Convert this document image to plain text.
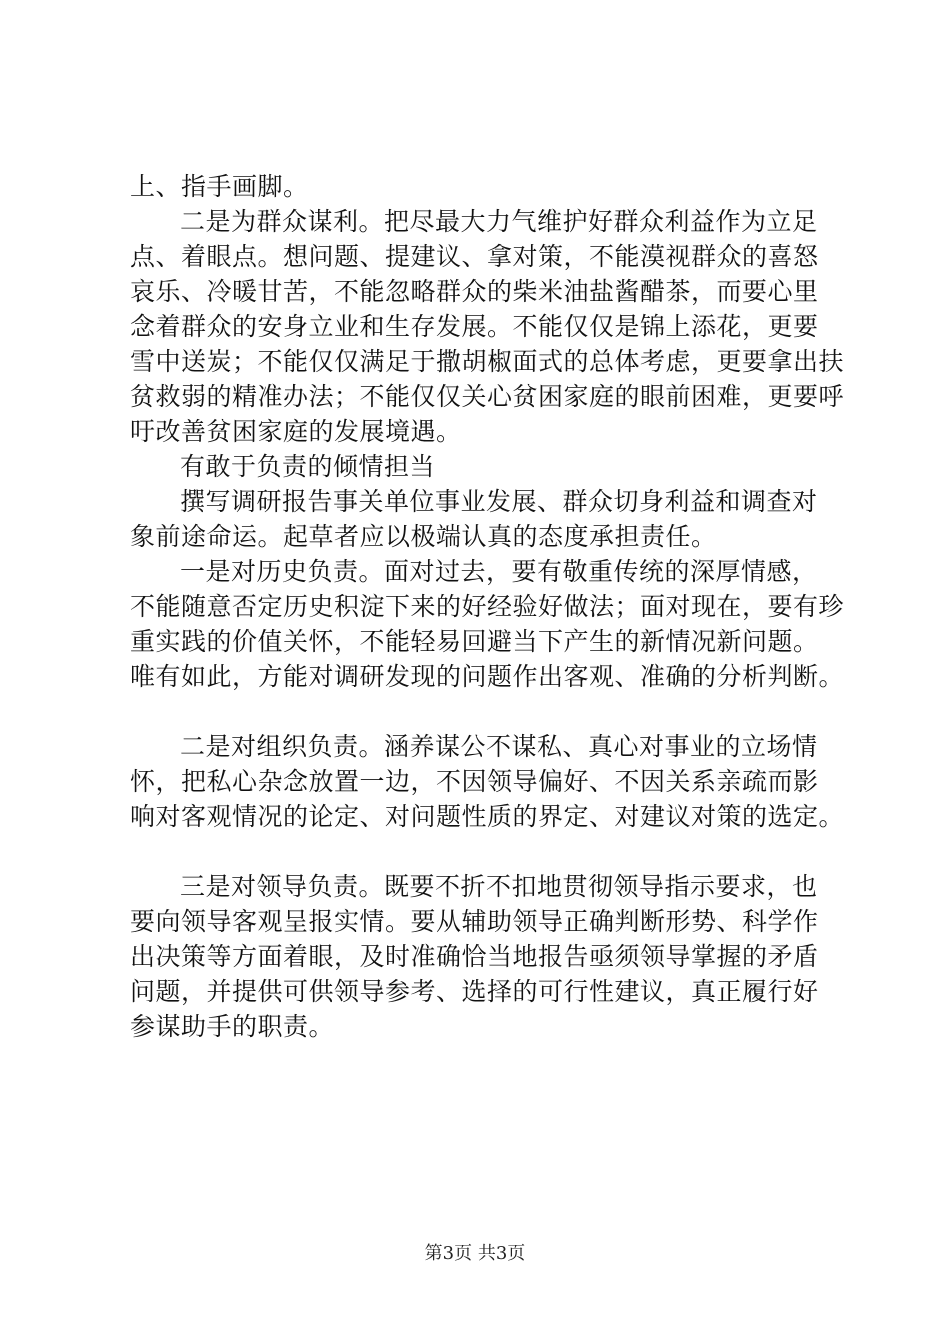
上、指手画脚。
二是为群众谋利。把尽最大力气维护好群众利益作为立足
点、着眼点。想问题、提建议、拿对策，不能漠视群众的喜怒
哀乐、冷暖甘苦，不能忽略群众的柴米油盐酱醋茶，而要心里
念着群众的安身立业和生存发展。不能仅仅是锦上添花，更要
雪中送炭；不能仅仅满足于撒胡椒面式的总体考虑，更要拿出扶
贫救弱的精准办法；不能仅仅关心贫困家庭的眼前困难，更要呼
吁改善贫困家庭的发展境遇。
有敢于负责的倾情担当
撰写调研报告事关单位事业发展、群众切身利益和调查对
象前途命运。起草者应以极端认真的态度承担责任。
一是对历史负责。面对过去，要有敬重传统的深厚情感，
不能随意否定历史积淀下来的好经验好做法；面对现在，要有珍
重实践的价值关怀，不能轻易回避当下产生的新情况新问题。
唯有如此，方能对调研发现的问题作出客观、准确的分析判断。
二是对组织负责。涵养谋公不谋私、真心对事业的立场情
怀，把私心杂念放置一边，不因领导偏好、不因关系亲疏而影
响对客观情况的论定、对问题性质的界定、对建议对策的选定。
三是对领导负责。既要不折不扣地贯彻领导指示要求，也
要向领导客观呈报实情。要从辅助领导正确判断形势、科学作
出决策等方面着眼，及时准确恰当地报告亟须领导掌握的矛盾
问题，并提供可供领导参考、选择的可行性建议，真正履行好
参谋助手的职责。
第3页 共3页
